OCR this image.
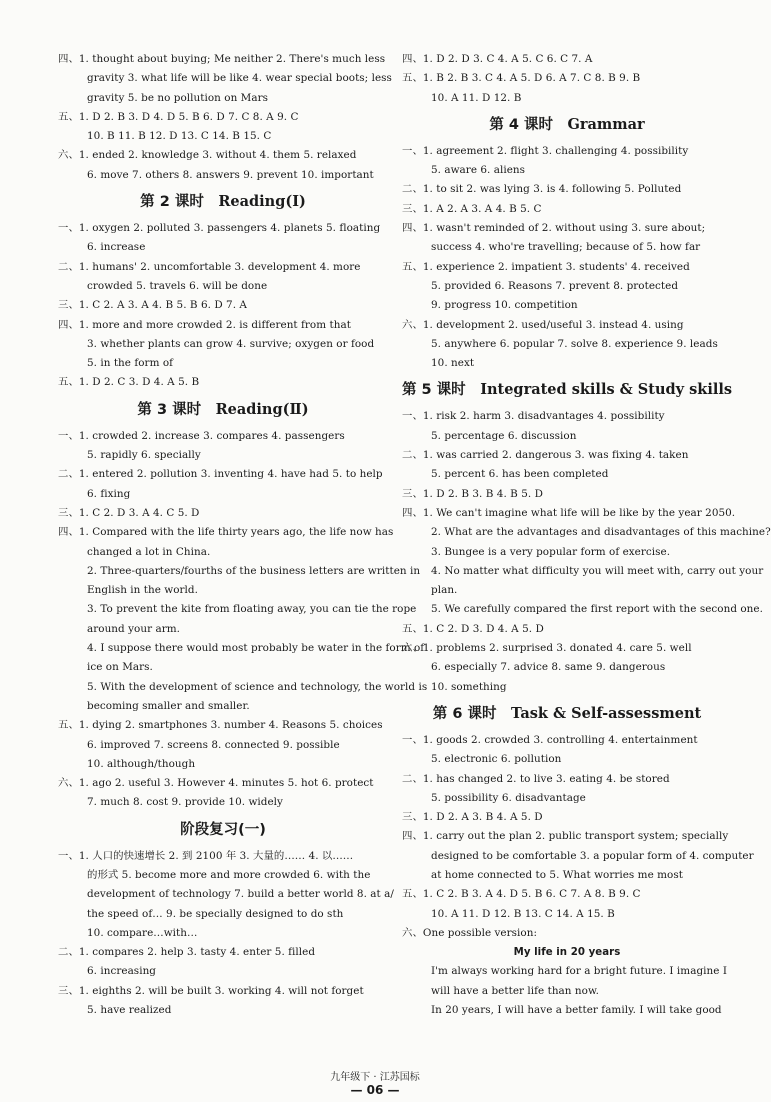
四、1. thought about buying; Me neither 2. There's much less
gravity 3. what life will be like 4. wear special boots; less
gravity 5. be no pollution on Mars
五、1. D 2. B 3. D 4. D 5. B 6. D 7. C 8. A 9. C
10. B 11. B 12. D 13. C 14. B 15. C
六、1. ended 2. knowledge 3. without 4. them 5. relaxed
6. move 7. others 8. answers 9. prevent 10. important
第 2 课时  Reading(Ⅰ)
一、1. oxygen 2. polluted 3. passengers 4. planets 5. floating
6. increase
二、1. humans' 2. uncomfortable 3. development 4. more
crowded 5. travels 6. will be done
三、1. C 2. A 3. A 4. B 5. B 6. D 7. A
四、1. more and more crowded 2. is different from that
3. whether plants can grow 4. survive; oxygen or food
5. in the form of
五、1. D 2. C 3. D 4. A 5. B
第 3 课时  Reading(Ⅱ)
一、1. crowded 2. increase 3. compares 4. passengers
5. rapidly 6. specially
二、1. entered 2. pollution 3. inventing 4. have had 5. to help
6. fixing
三、1. C 2. D 3. A 4. C 5. D
四、1. Compared with the life thirty years ago, the life now has
changed a lot in China.
2. Three-quarters/fourths of the business letters are written in
English in the world.
3. To prevent the kite from floating away, you can tie the rope
around your arm.
4. I suppose there would most probably be water in the form of
ice on Mars.
5. With the development of science and technology, the world is
becoming smaller and smaller.
五、1. dying 2. smartphones 3. number 4. Reasons 5. choices
6. improved 7. screens 8. connected 9. possible
10. although/though
六、1. ago 2. useful 3. However 4. minutes 5. hot 6. protect
7. much 8. cost 9. provide 10. widely
阶段复习(一)
一、1. 人口的快速增长 2. 到 2100 年 3. 大量的…… 4. 以……
的形式 5. become more and more crowded 6. with the
development of technology 7. build a better world 8. at a/
the speed of… 9. be specially designed to do sth
10. compare…with…
二、1. compares 2. help 3. tasty 4. enter 5. filled
6. increasing
三、1. eighths 2. will be built 3. working 4. will not forget
5. have realized
四、1. D 2. D 3. C 4. A 5. C 6. C 7. A
五、1. B 2. B 3. C 4. A 5. D 6. A 7. C 8. B 9. B
10. A 11. D 12. B
第 4 课时  Grammar
一、1. agreement 2. flight 3. challenging 4. possibility
5. aware 6. aliens
二、1. to sit 2. was lying 3. is 4. following 5. Polluted
三、1. A 2. A 3. A 4. B 5. C
四、1. wasn't reminded of 2. without using 3. sure about;
success 4. who're travelling; because of 5. how far
五、1. experience 2. impatient 3. students' 4. received
5. provided 6. Reasons 7. prevent 8. protected
9. progress 10. competition
六、1. development 2. used/useful 3. instead 4. using
5. anywhere 6. popular 7. solve 8. experience 9. leads
10. next
第 5 课时  Integrated skills & Study skills
一、1. risk 2. harm 3. disadvantages 4. possibility
5. percentage 6. discussion
二、1. was carried 2. dangerous 3. was fixing 4. taken
5. percent 6. has been completed
三、1. D 2. B 3. B 4. B 5. D
四、1. We can't imagine what life will be like by the year 2050.
2. What are the advantages and disadvantages of this machine?
3. Bungee is a very popular form of exercise.
4. No matter what difficulty you will meet with, carry out your
plan.
5. We carefully compared the first report with the second one.
五、1. C 2. D 3. D 4. A 5. D
六、1. problems 2. surprised 3. donated 4. care 5. well
6. especially 7. advice 8. same 9. dangerous
10. something
第 6 课时  Task & Self-assessment
一、1. goods 2. crowded 3. controlling 4. entertainment
5. electronic 6. pollution
二、1. has changed 2. to live 3. eating 4. be stored
5. possibility 6. disadvantage
三、1. D 2. A 3. B 4. A 5. D
四、1. carry out the plan 2. public transport system; specially
designed to be comfortable 3. a popular form of 4. computer
at home connected to 5. What worries me most
五、1. C 2. B 3. A 4. D 5. B 6. C 7. A 8. B 9. C
10. A 11. D 12. B 13. C 14. A 15. B
六、One possible version:
My life in 20 years
I'm always working hard for a bright future. I imagine I
will have a better life than now.
In 20 years, I will have a better family. I will take good
九年级下 · 江苏国标
— 06 —
